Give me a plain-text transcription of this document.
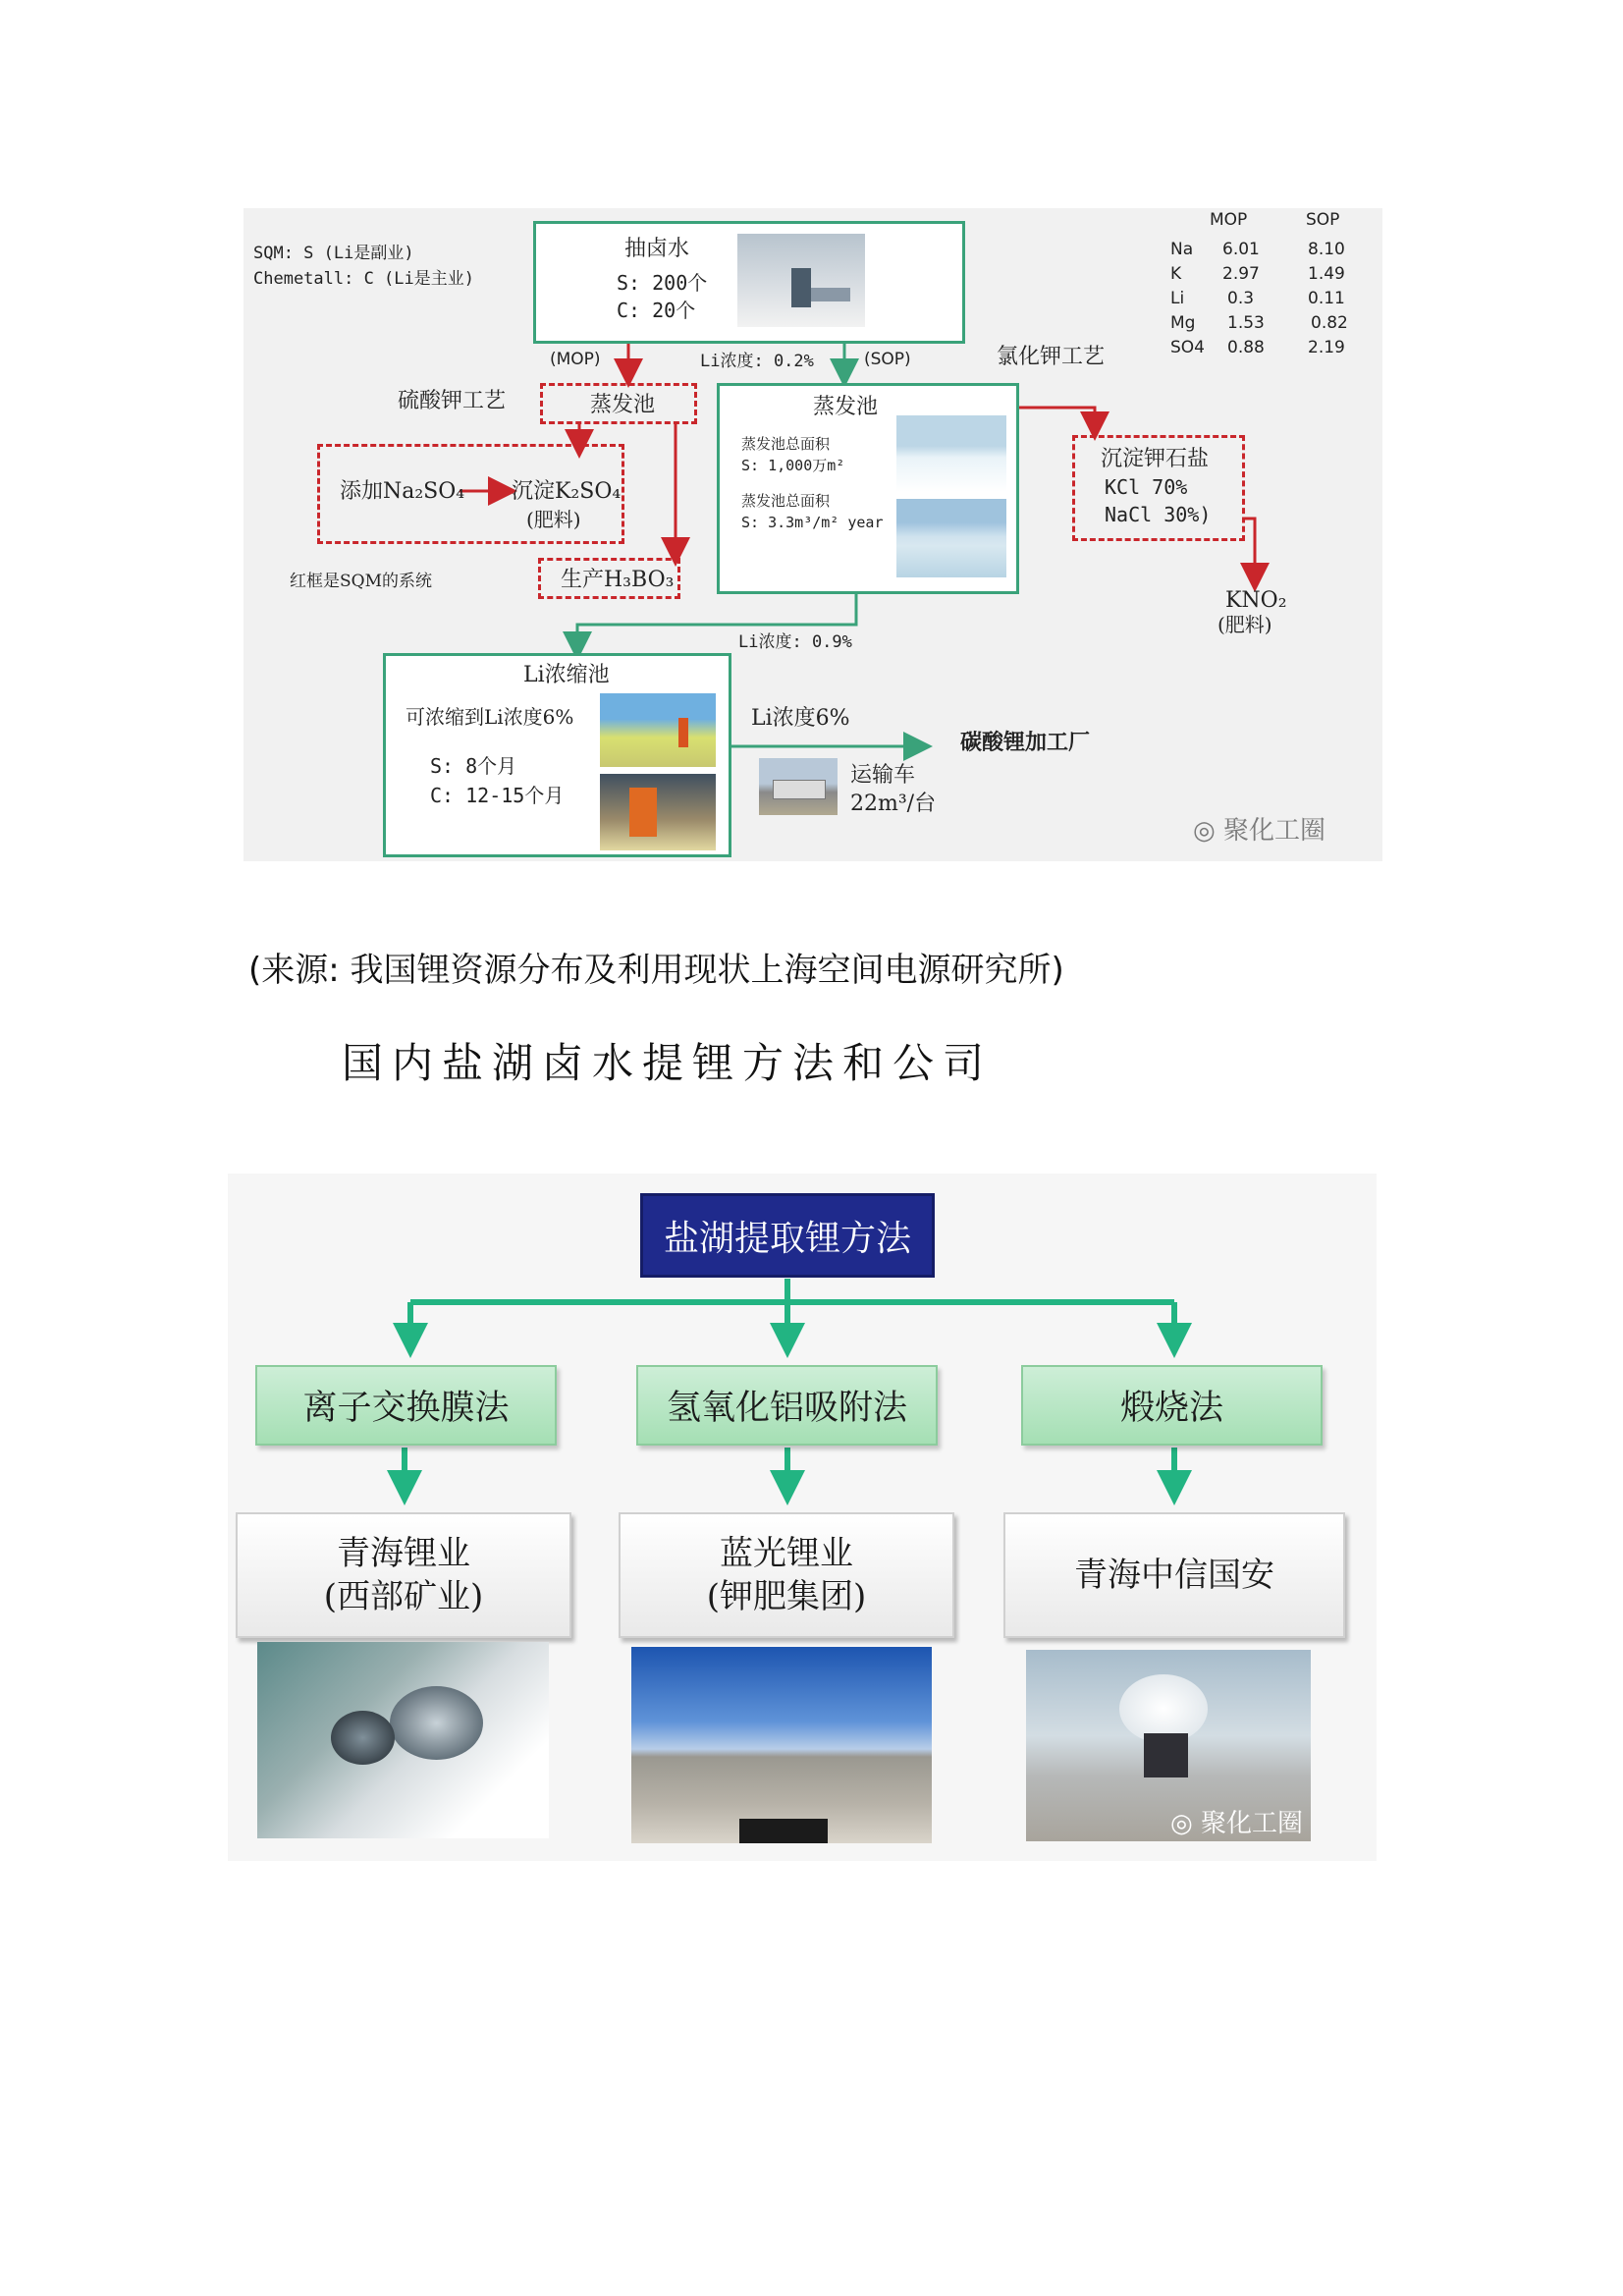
SQM: S (Li是副业)
Chemetall: C (Li是主业)
抽卤水
S: 200个
C: 20个
(MOP)	Li浓度: 0.2%	(SOP)	氯化钾工艺
硫酸钾工艺	蒸发池	蒸发池
蒸发池总面积
S: 1,000万m²
蒸发池总面积
S: 3.3m³/m² year
添加Na₂SO₄ 沉淀K₂SO₄
(肥料)
生产H₃BO₃
红框是SQM的系统
沉淀钾石盐
KCl 70%
NaCl 30%)
KNO₂
(肥料)
Li浓度: 0.9%
Li浓缩池
可浓缩到Li浓度6%
S: 8个月
C: 12-15个月
Li浓度6%
碳酸锂加工厂
运输车
22m³/台
MOP	SOP
Na 6.01	8.10
K 2.97	1.49
Li	0.3	0.11
Mg 1.53	0.82
SO4 0.88	2.19
◎ 聚化工圈
(来源: 我国锂资源分布及利用现状上海空间电源研究所)
国内盐湖卤水提锂方法和公司
盐湖提取锂方法
离子交换膜法	氢氧化铝吸附法	煅烧法
青海锂业
(西部矿业)
蓝光锂业
(钾肥集团)
青海中信国安
◎ 聚化工圈
